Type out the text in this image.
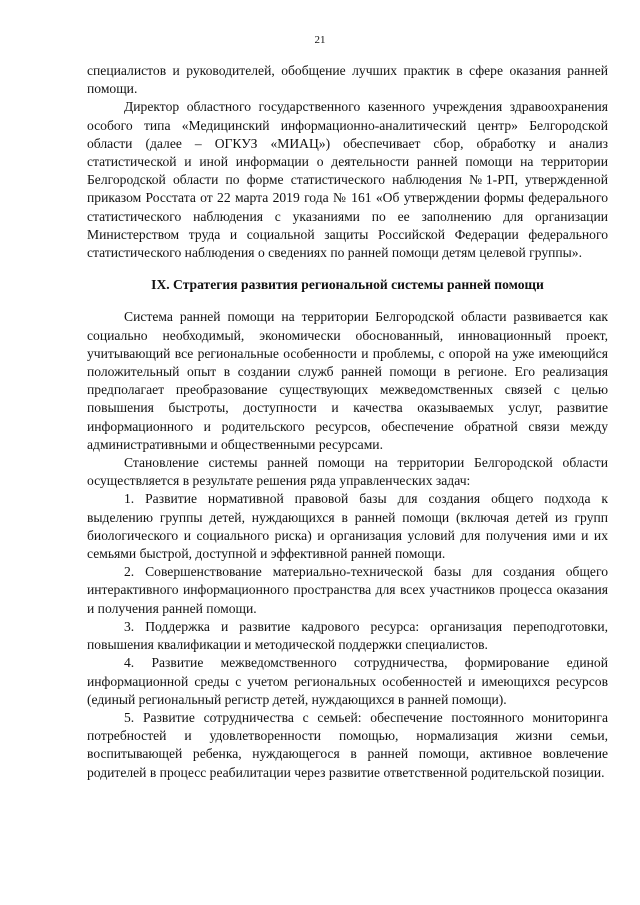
21

специалистов и руководителей, обобщение лучших практик в сфере оказания ранней помощи.

Директор областного государственного казенного учреждения здравоохранения особого типа «Медицинский информационно-аналитический центр» Белгородской области (далее – ОГКУЗ «МИАЦ») обеспечивает сбор, обработку и анализ статистической и иной информации о деятельности ранней помощи на территории Белгородской области по форме статистического наблюдения №1-РП, утвержденной приказом Росстата от 22 марта 2019 года № 161 «Об утверждении формы федерального статистического наблюдения с указаниями по ее заполнению для организации Министерством труда и социальной защиты Российской Федерации федерального статистического наблюдения о сведениях по ранней помощи детям целевой группы».

IX. Стратегия развития региональной системы ранней помощи

Система ранней помощи на территории Белгородской области развивается как социально необходимый, экономически обоснованный, инновационный проект, учитывающий все региональные особенности и проблемы, с опорой на уже имеющийся положительный опыт в создании служб ранней помощи в регионе. Его реализация предполагает преобразование существующих межведомственных связей с целью повышения быстроты, доступности и качества оказываемых услуг, развитие информационного и родительского ресурсов, обеспечение обратной связи между административными и общественными ресурсами.

Становление системы ранней помощи на территории Белгородской области осуществляется в результате решения ряда управленческих задач:

1. Развитие нормативной правовой базы для создания общего подхода к выделению группы детей, нуждающихся в ранней помощи (включая детей из групп биологического и социального риска) и организация условий для получения ими и их семьями быстрой, доступной и эффективной ранней помощи.

2. Совершенствование материально-технической базы для создания общего интерактивного информационного пространства для всех участников процесса оказания и получения ранней помощи.

3. Поддержка и развитие кадрового ресурса: организация переподготовки, повышения квалификации и методической поддержки специалистов.

4. Развитие межведомственного сотрудничества, формирование единой информационной среды с учетом региональных особенностей и имеющихся ресурсов (единый региональный регистр детей, нуждающихся в ранней помощи).

5. Развитие сотрудничества с семьей: обеспечение постоянного мониторинга потребностей и удовлетворенности помощью, нормализация жизни семьи, воспитывающей ребенка, нуждающегося в ранней помощи, активное вовлечение родителей в процесс реабилитации через развитие ответственной родительской позиции.
